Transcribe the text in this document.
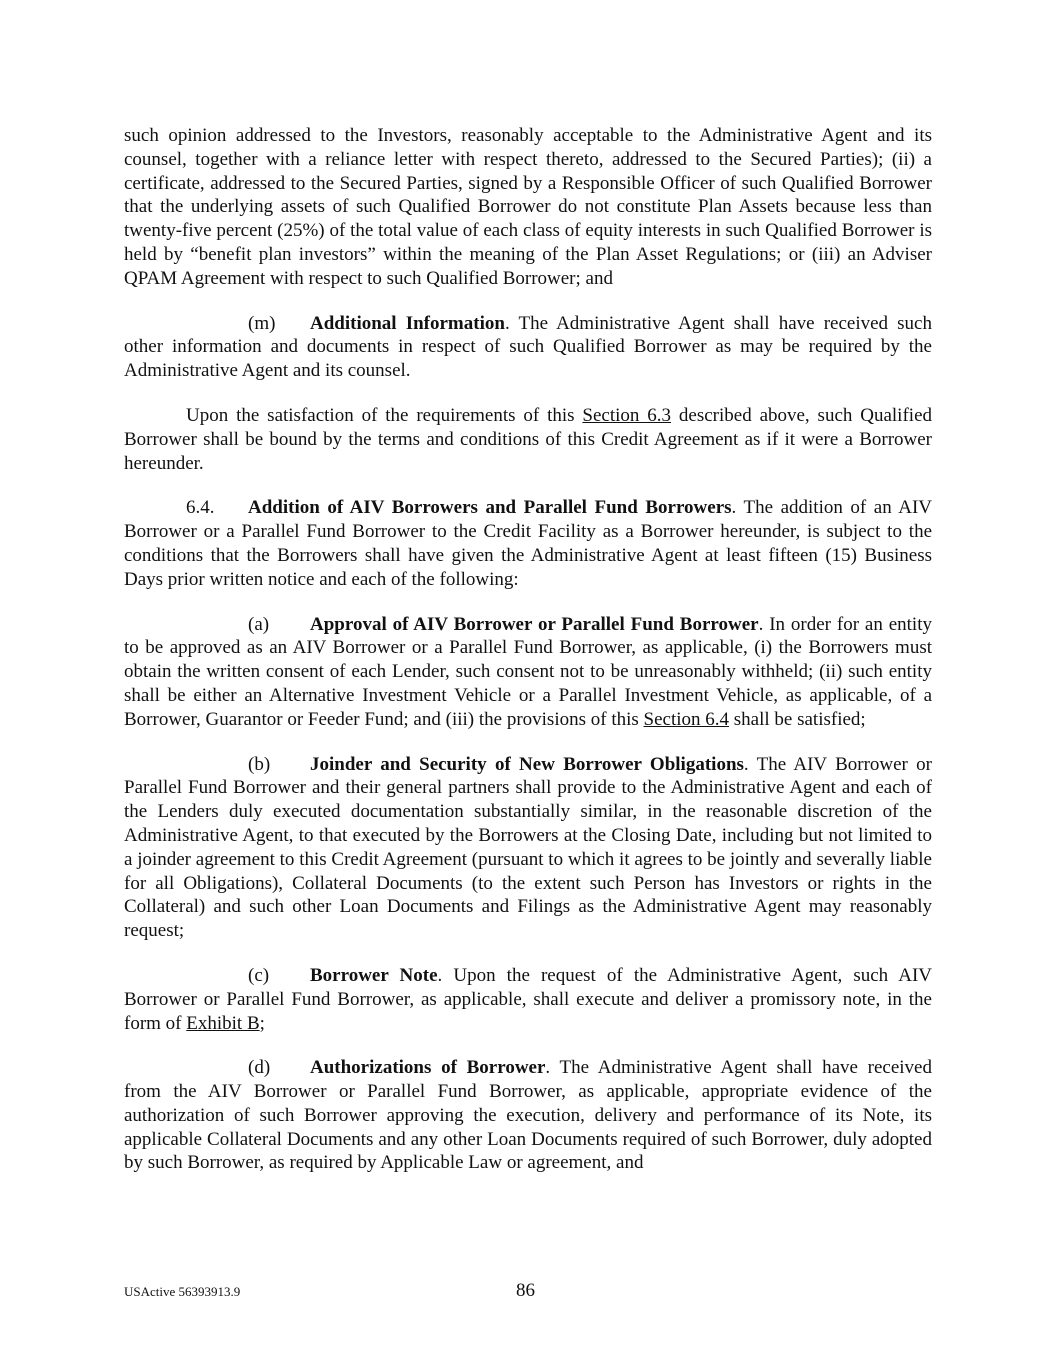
such opinion addressed to the Investors, reasonably acceptable to the Administrative Agent and its counsel, together with a reliance letter with respect thereto, addressed to the Secured Parties); (ii) a certificate, addressed to the Secured Parties, signed by a Responsible Officer of such Qualified Borrower that the underlying assets of such Qualified Borrower do not constitute Plan Assets because less than twenty-five percent (25%) of the total value of each class of equity interests in such Qualified Borrower is held by “benefit plan investors” within the meaning of the Plan Asset Regulations; or (iii) an Adviser QPAM Agreement with respect to such Qualified Borrower; and

(m) Additional Information. The Administrative Agent shall have received such other information and documents in respect of such Qualified Borrower as may be required by the Administrative Agent and its counsel.

Upon the satisfaction of the requirements of this Section 6.3 described above, such Qualified Borrower shall be bound by the terms and conditions of this Credit Agreement as if it were a Borrower hereunder.

6.4. Addition of AIV Borrowers and Parallel Fund Borrowers. The addition of an AIV Borrower or a Parallel Fund Borrower to the Credit Facility as a Borrower hereunder, is subject to the conditions that the Borrowers shall have given the Administrative Agent at least fifteen (15) Business Days prior written notice and each of the following:

(a) Approval of AIV Borrower or Parallel Fund Borrower. In order for an entity to be approved as an AIV Borrower or a Parallel Fund Borrower, as applicable, (i) the Borrowers must obtain the written consent of each Lender, such consent not to be unreasonably withheld; (ii) such entity shall be either an Alternative Investment Vehicle or a Parallel Investment Vehicle, as applicable, of a Borrower, Guarantor or Feeder Fund; and (iii) the provisions of this Section 6.4 shall be satisfied;

(b) Joinder and Security of New Borrower Obligations. The AIV Borrower or Parallel Fund Borrower and their general partners shall provide to the Administrative Agent and each of the Lenders duly executed documentation substantially similar, in the reasonable discretion of the Administrative Agent, to that executed by the Borrowers at the Closing Date, including but not limited to a joinder agreement to this Credit Agreement (pursuant to which it agrees to be jointly and severally liable for all Obligations), Collateral Documents (to the extent such Person has Investors or rights in the Collateral) and such other Loan Documents and Filings as the Administrative Agent may reasonably request;

(c) Borrower Note. Upon the request of the Administrative Agent, such AIV Borrower or Parallel Fund Borrower, as applicable, shall execute and deliver a promissory note, in the form of Exhibit B;

(d) Authorizations of Borrower. The Administrative Agent shall have received from the AIV Borrower or Parallel Fund Borrower, as applicable, appropriate evidence of the authorization of such Borrower approving the execution, delivery and performance of its Note, its applicable Collateral Documents and any other Loan Documents required of such Borrower, duly adopted by such Borrower, as required by Applicable Law or agreement, and

USActive 56393913.9	86
